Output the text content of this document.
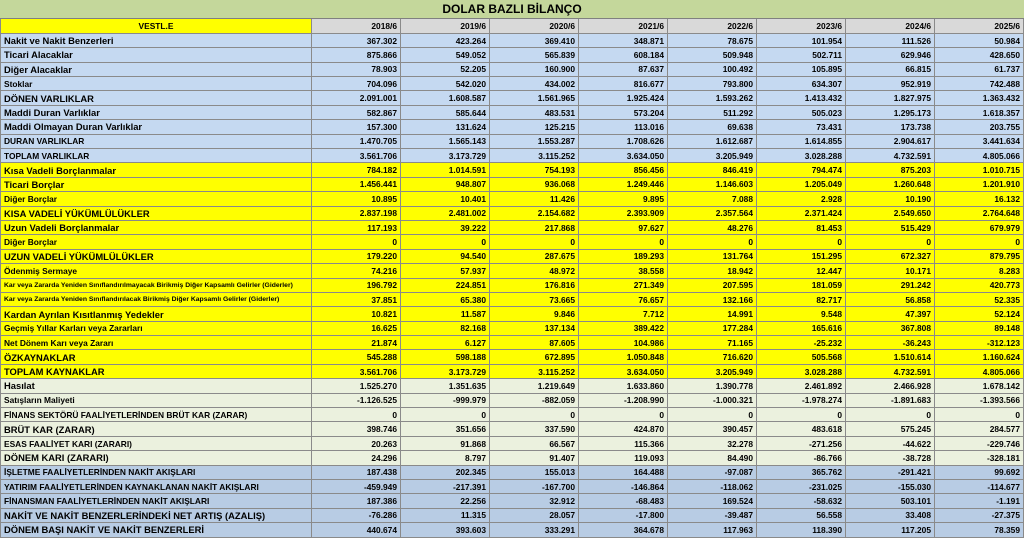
DOLAR BAZLI BİLANÇO
VESTL.E	2018/6	2019/6	2020/6	2021/6	2022/6	2023/6	2024/6	2025/6
Nakit ve Nakit Benzerleri	367.302	423.264	369.410	348.871	78.675	101.954	111.526	50.984
Ticari Alacaklar	875.866	549.052	565.839	608.184	509.948	502.711	629.946	428.650
Diğer Alacaklar	78.903	52.205	160.900	87.637	100.492	105.895	66.815	61.737
Stoklar	704.096	542.020	434.002	816.677	793.800	634.307	952.919	742.488
DÖNEN VARLIKLAR	2.091.001	1.608.587	1.561.965	1.925.424	1.593.262	1.413.432	1.827.975	1.363.432
Maddi Duran Varlıklar	582.867	585.644	483.531	573.204	511.292	505.023	1.295.173	1.618.357
Maddi Olmayan Duran Varlıklar	157.300	131.624	125.215	113.016	69.638	73.431	173.738	203.755
DURAN VARLIKLAR	1.470.705	1.565.143	1.553.287	1.708.626	1.612.687	1.614.855	2.904.617	3.441.634
TOPLAM VARLIKLAR	3.561.706	3.173.729	3.115.252	3.634.050	3.205.949	3.028.288	4.732.591	4.805.066
Kısa Vadeli Borçlanmalar	784.182	1.014.591	754.193	856.456	846.419	794.474	875.203	1.010.715
Ticari Borçlar	1.456.441	948.807	936.068	1.249.446	1.146.603	1.205.049	1.260.648	1.201.910
Diğer Borçlar	10.895	10.401	11.426	9.895	7.088	2.928	10.190	16.132
KISA VADELİ YÜKÜMLÜLÜKLER	2.837.198	2.481.002	2.154.682	2.393.909	2.357.564	2.371.424	2.549.650	2.764.648
Uzun Vadeli Borçlanmalar	117.193	39.222	217.868	97.627	48.276	81.453	515.429	679.979
Diğer Borçlar	0	0	0	0	0	0	0	0
UZUN VADELİ YÜKÜMLÜLÜKLER	179.220	94.540	287.675	189.293	131.764	151.295	672.327	879.795
Ödenmiş Sermaye	74.216	57.937	48.972	38.558	18.942	12.447	10.171	8.283
Kar veya Zararda Yeniden Sınıflandırılmayacak Birikmiş Diğer Kapsamlı Gelirler (Giderler)	196.792	224.851	176.816	271.349	207.595	181.059	291.242	420.773
Kar veya Zararda Yeniden Sınıflandırılacak Birikmiş Diğer Kapsamlı Gelirler (Giderler)	37.851	65.380	73.665	76.657	132.166	82.717	56.858	52.335
Kardan Ayrılan Kısıtlanmış Yedekler	10.821	11.587	9.846	7.712	14.991	9.548	47.397	52.124
Geçmiş Yıllar Karları veya Zararları	16.625	82.168	137.134	389.422	177.284	165.616	367.808	89.148
Net Dönem Karı veya Zararı	21.874	6.127	87.605	104.986	71.165	-25.232	-36.243	-312.123
ÖZKAYNAKLAR	545.288	598.188	672.895	1.050.848	716.620	505.568	1.510.614	1.160.624
TOPLAM KAYNAKLAR	3.561.706	3.173.729	3.115.252	3.634.050	3.205.949	3.028.288	4.732.591	4.805.066
Hasılat	1.525.270	1.351.635	1.219.649	1.633.860	1.390.778	2.461.892	2.466.928	1.678.142
Satışların Maliyeti	-1.126.525	-999.979	-882.059	-1.208.990	-1.000.321	-1.978.274	-1.891.683	-1.393.566
FİNANS SEKTÖRÜ FAALİYETLERİNDEN BRÜT KAR (ZARAR)	0	0	0	0	0	0	0	0
BRÜT KAR (ZARAR)	398.746	351.656	337.590	424.870	390.457	483.618	575.245	284.577
ESAS FAALİYET KARI (ZARARI)	20.263	91.868	66.567	115.366	32.278	-271.256	-44.622	-229.746
DÖNEM KARI (ZARARI)	24.296	8.797	91.407	119.093	84.490	-86.766	-38.728	-328.181
İŞLETME FAALİYETLERİNDEN NAKİT AKIŞLARI	187.438	202.345	155.013	164.488	-97.087	365.762	-291.421	99.692
YATIRIM FAALİYETLERİNDEN KAYNAKLANAN NAKİT AKIŞLARI	-459.949	-217.391	-167.700	-146.864	-118.062	-231.025	-155.030	-114.677
FİNANSMAN FAALİYETLERİNDEN NAKİT AKIŞLARI	187.386	22.256	32.912	-68.483	169.524	-58.632	503.101	-1.191
NAKİT VE NAKİT BENZERLERİNDEKİ NET ARTIŞ (AZALIŞ)	-76.286	11.315	28.057	-17.800	-39.487	56.558	33.408	-27.375
DÖNEM BAŞI NAKİT VE NAKİT BENZERLERİ	440.674	393.603	333.291	364.678	117.963	118.390	117.205	78.359
